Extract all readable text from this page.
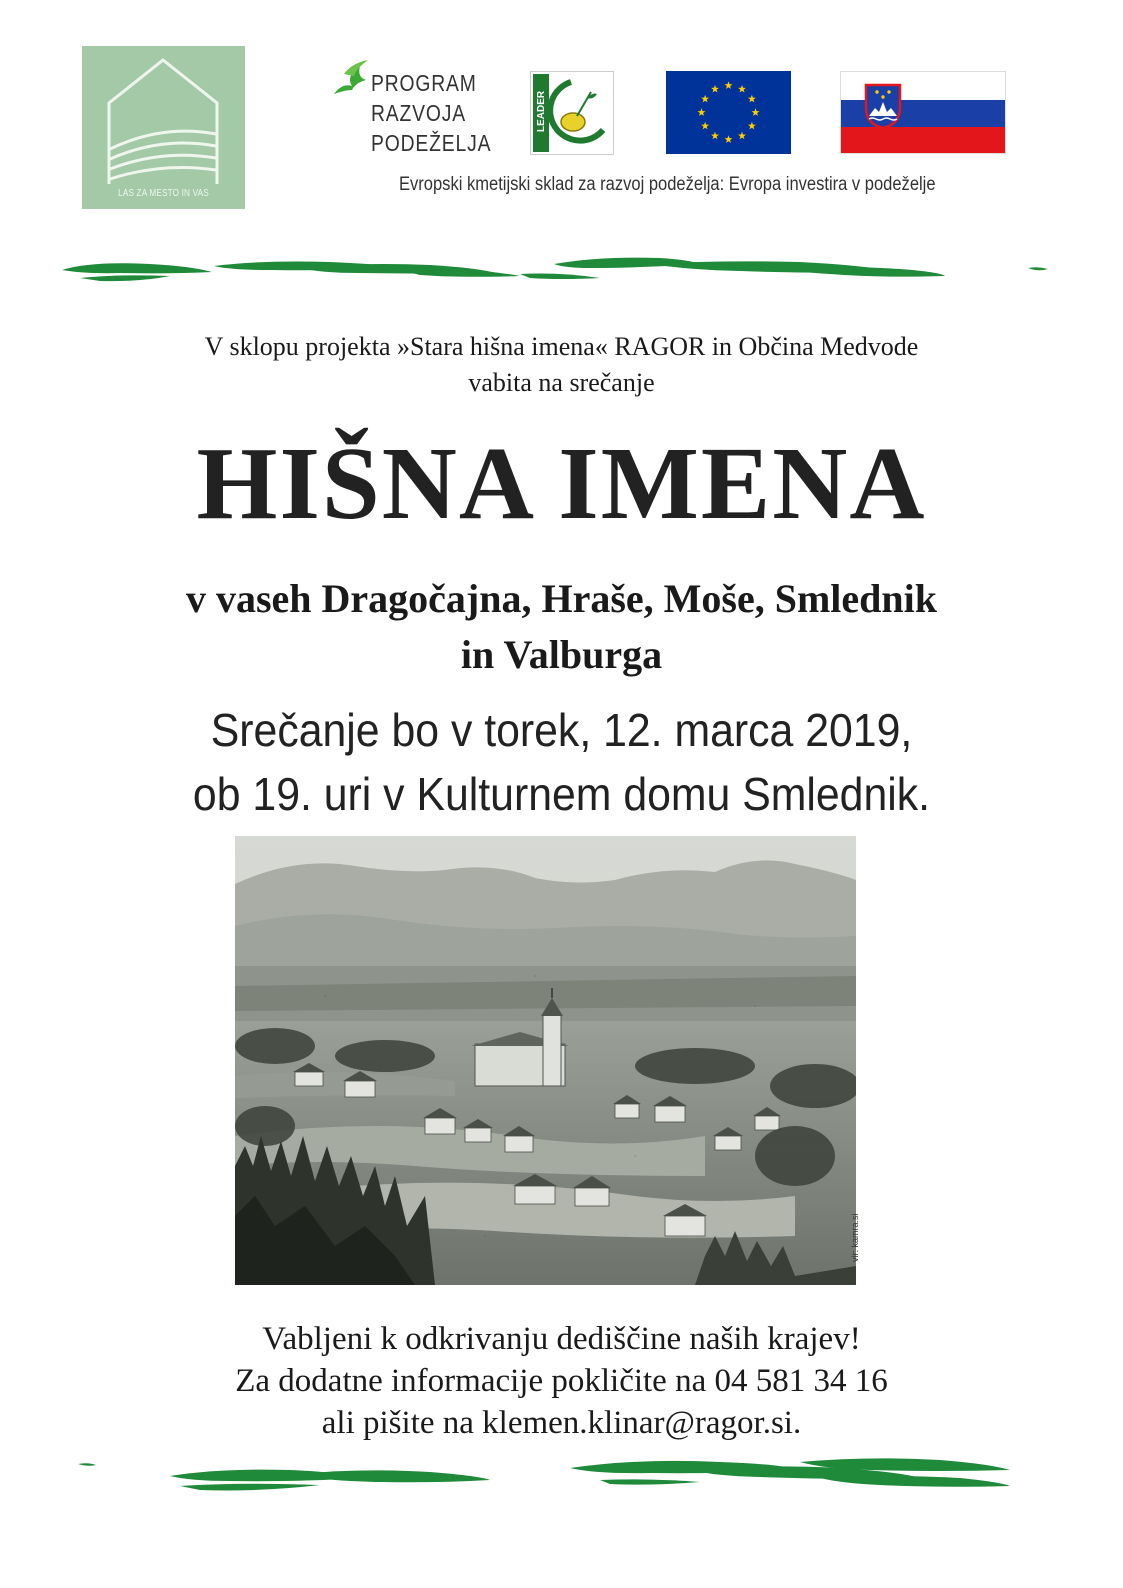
LAS ZA MESTO IN VAS
PROGRAM
RAZVOJA
PODEŽELJA
LEADER
Evropski kmetijski sklad za razvoj podeželja: Evropa investira v podeželje
V sklopu projekta »Stara hišna imena« RAGOR in Občina Medvode
vabita na srečanje
HIŠNA IMENA
v vaseh Dragočajna, Hraše, Moše, Smlednik
in Valburga
Srečanje bo v torek, 12. marca 2019,
ob 19. uri v Kulturnem domu Smlednik.
vir: kamra.si
Vabljeni k odkrivanju dediščine naših krajev!
Za dodatne informacije pokličite na 04 581 34 16
ali pišite na klemen.klinar@ragor.si.
